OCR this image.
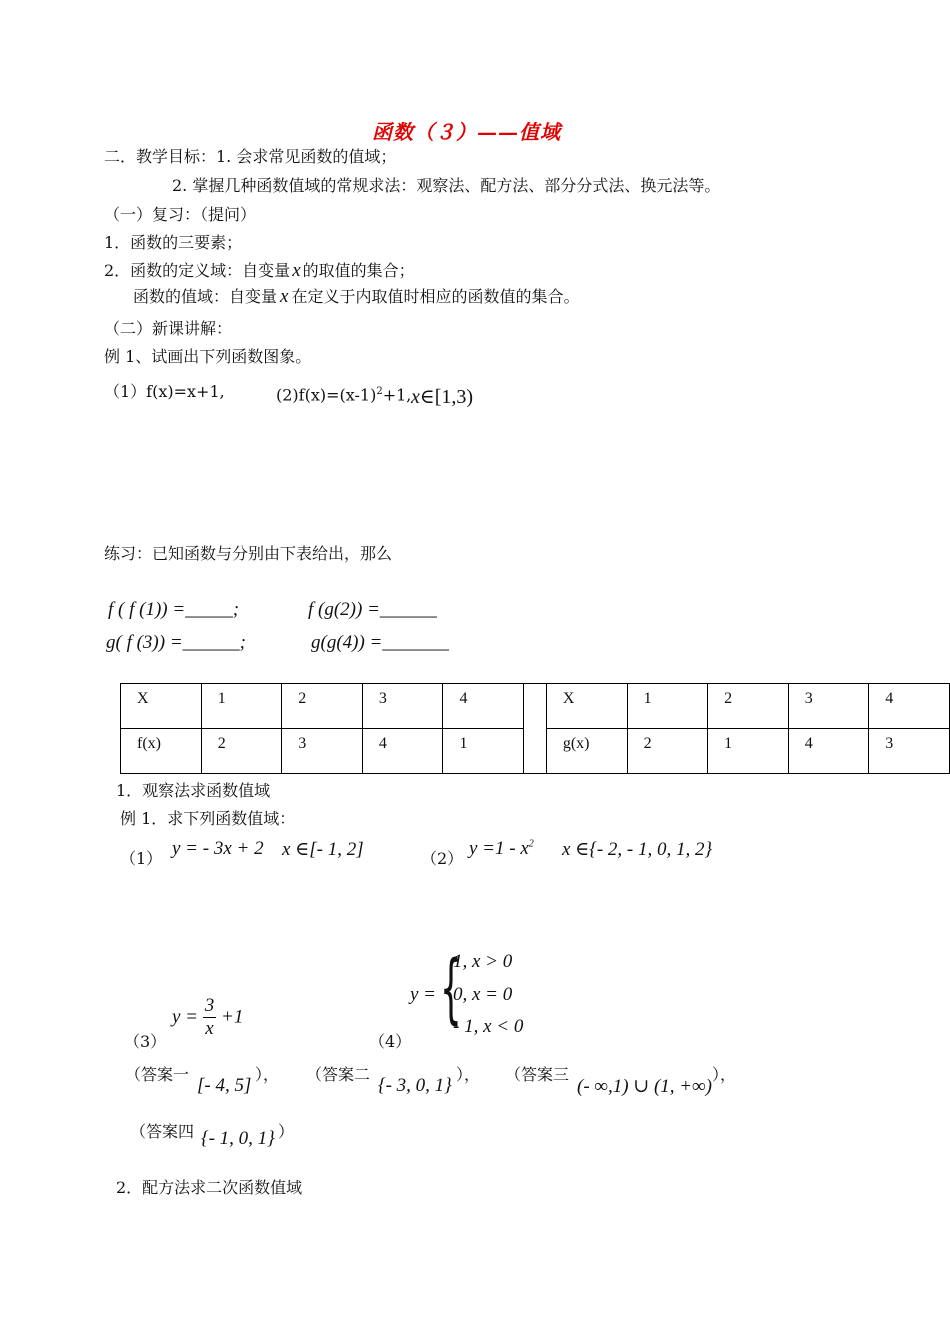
函数（３）——值域
二．教学目标：1. 会求常见函数的值域；
2. 掌握几种函数值域的常规求法：观察法、配方法、部分分式法、换元法等。
（一）复习：（提问）
1．函数的三要素；
2．函数的定义域：自变量 x 的取值的集合；
函数的值域：自变量 x 在定义于内取值时相应的函数值的集合。
（二）新课讲解：
例 1、试画出下列函数图象。
（1）f(x)=x+1,	$(2)f(x)=(x-1)^2+1$, x∈[1,3)
练习：已知函数与分别由下表给出，那么
f ( f (1)) =_____;	f (g(2)) =______
g( f (3)) =______;	g(g(4)) =_______
X	1	2	3	4		X	1	2	3	4
f(x)	2	3	4	1		g(x)	2	1	4	3
1．观察法求函数值域
例 1．求下列函数值域：
（1） y = - 3x + 2 x ∈[- 1, 2]	（2） $y =1 - x^2$ x ∈{- 2, - 1, 0, 1, 2}
（3）
$y = \frac{3}{x} +1$
（4）
y = {
1, x > 0
0, x = 0
- 1, x < 0
（答案一
[- 4, 5]
）， （答案二
{- 3, 0, 1}
）， （答案三
(- ∞,1) ∪ (1, +∞)
），
（答案四 {- 1, 0, 1} ）
2．配方法求二次函数值域
